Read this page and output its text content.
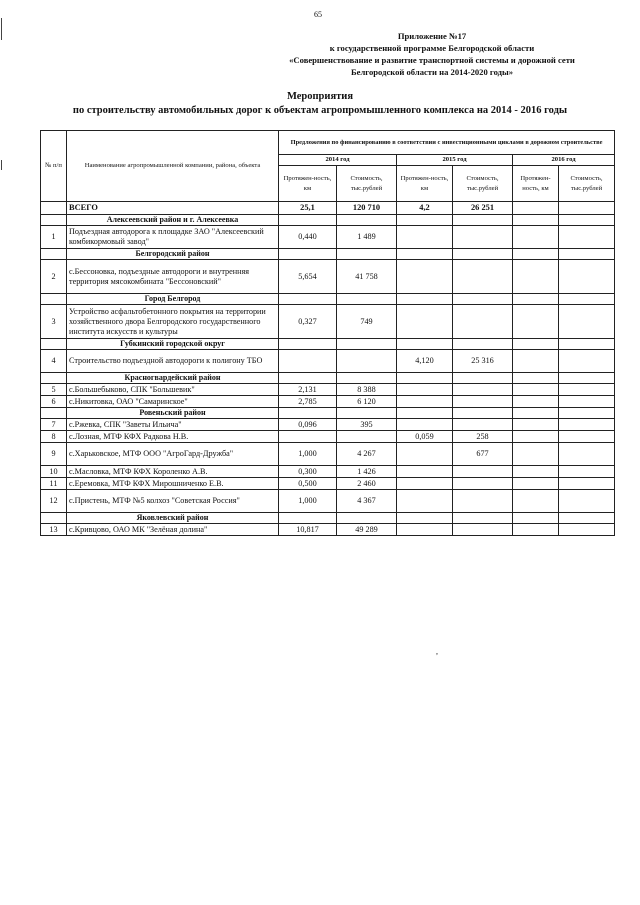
65
Приложение №17
к государственной программе Белгородской области
«Совершенствование и развитие транспортной системы и дорожной сети
Белгородской области на 2014-2020 годы»
Мероприятия
по строительству автомобильных дорог к объектам агропромышленного комплекса на 2014 - 2016 годы
№ п/п	Наименование агропромышленной компании, района, объекта	Предложения по финансированию в соответствии с инвестиционными циклами в дорожном строительстве					
		2014 год		2015 год		2016 год	
		Протяжен-ность, км	Стоимость, тыс.рублей	Протяжен-ность, км	Стоимость, тыс.рублей	Протяжен-ность, км	Стоимость, тыс.рублей
	ВСЕГО	25,1	120 710	4,2	26 251		
	Алексеевский район и г. Алексеевка						
1	Подъездная автодорога к площадке ЗАО "Алексеевский комбикормовый завод"	0,440	1 489				
	Белгородский район						
2	с.Бессоновка, подъездные автодороги и внутренняя территория мясокомбината "Бессоновский"	5,654	41 758				
	Город Белгород						
3	Устройство асфальтобетонного покрытия на территории хозяйственного двора Белгородского государственного института искусств и культуры	0,327	749				
	Губкинский городской округ						
4	Строительство подъездной автодороги к полигону ТБО			4,120	25 316		
	Красногвардейский район						
5	с.Большебыково, СПК "Большевик"	2,131	8 388				
6	с.Никитовка, ОАО "Самаринское"	2,785	6 120				
	Ровеньский район						
7	с.Ржевка, СПК "Заветы Ильича"	0,096	395				
8	с.Лозная, МТФ КФХ Радкова Н.В.			0,059	258		
9	с.Харьковское, МТФ ООО "АгроГард-Дружба"	1,000	4 267		677		
10	с.Масловка, МТФ КФХ Короленко А.В.	0,300	1 426				
11	с.Еремовка, МТФ КФХ Мирошниченко Е.В.	0,500	2 460				
12	с.Пристень, МТФ №5 колхоз "Советская Россия"	1,000	4 367				
	Яковлевский район						
13	с.Кривцово, ОАО МК "Зелёная долина"	10,817	49 289				
,
